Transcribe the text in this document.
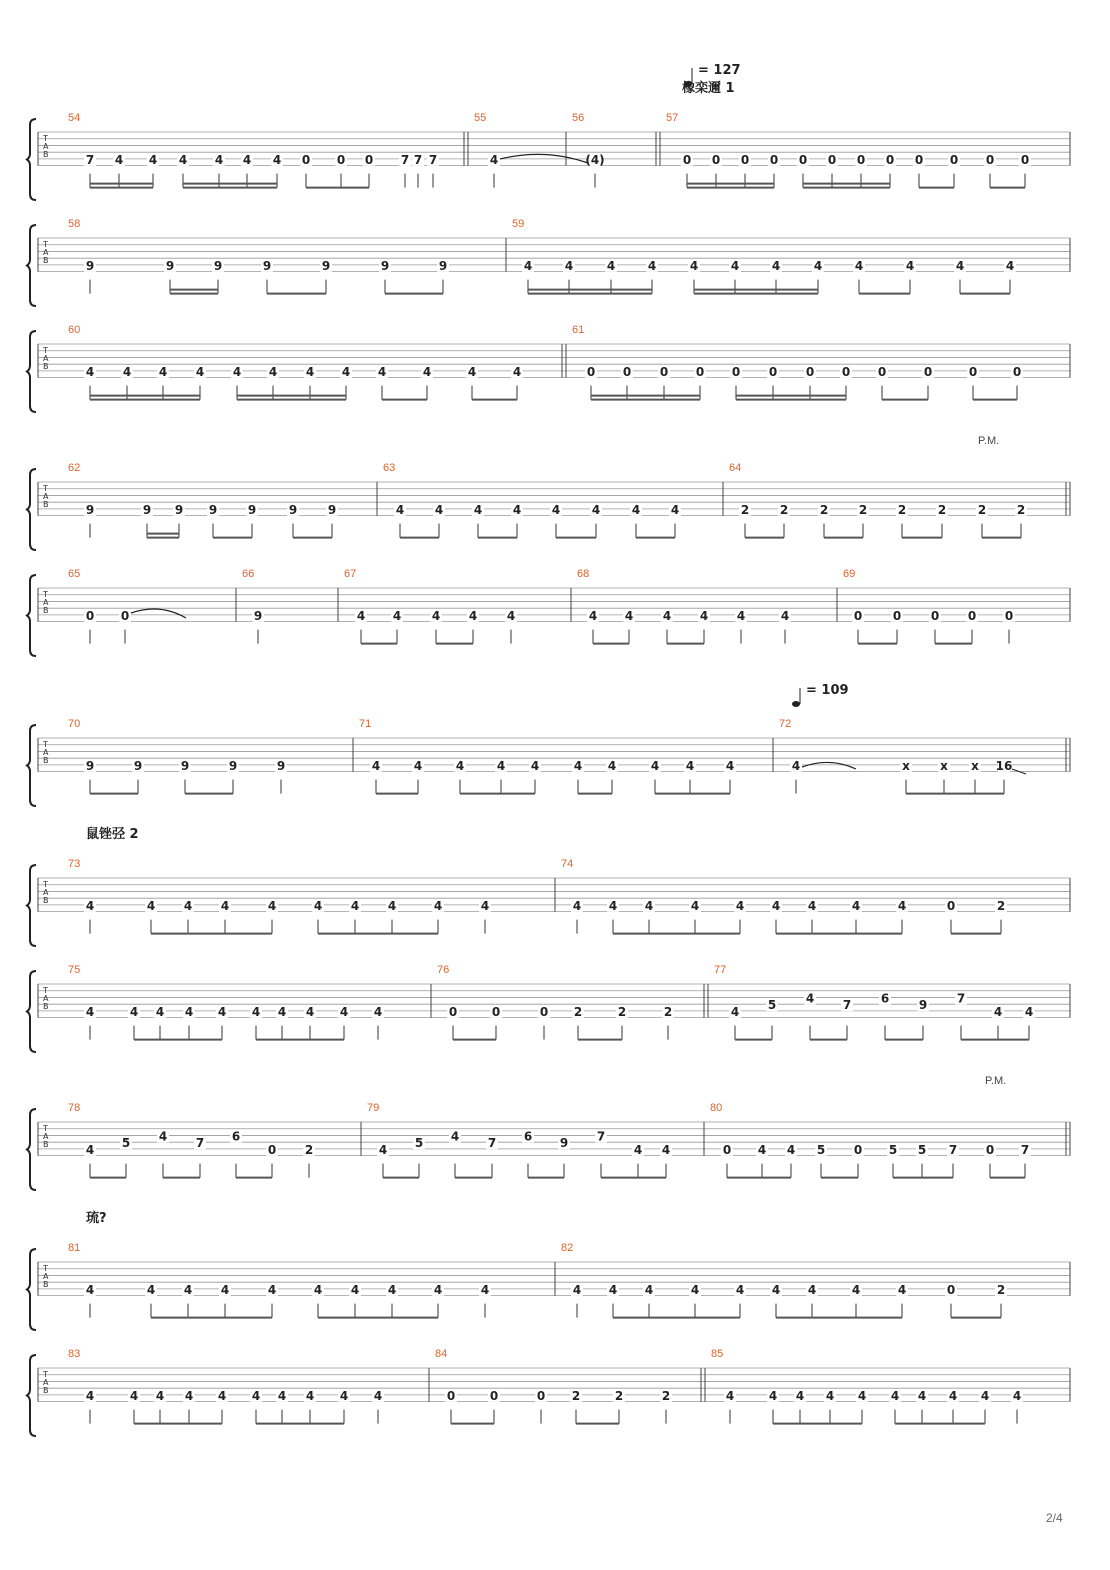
T
A
B
54
7 4 4 4 4 4 4 0 0 0 7 7
7
55
4
56
(4)
57
0 0 0 0 0 0 0 0 0 0 0 0
T
A
B
58
9	9	9	9	9	9	9
59
4	4	4	4	4	4	4	4	4	4	4	4
T
A
B
60
4 4 4 4 4 4 4 4 4	4	4	4
61
0 0 0 0 0 0 0 0 0	0	0	0
T
A
B
62
9	9 9 9	9	9	9
63
4	4	4	4	4	4	4	4
64
2	2	2	2	2	2	2	2
T
A
B
65
0 0
66
9
67
4 4	4 4 4
68
4 4 4 4 4	4
69
0	0 0 0 0
T
A
B
70
9	9	9	9	9
71
4	4	4	4 4	4 4	4 4	4
72
4	x	x x 16
T
A
B
73
4	4 4 4	4	4 4 4	4	4
74
4 4 4	4	4 4 4	4	4	0	2
T
A
B
75
4	4 4 4 4 4 4 4 4 4
76
0	0	0 2	2	2
77
4 5 4 7 6 9 7
4 4
T
A
B
78
4 5 4 7 6
0 2
79
4 5 4 7 6 9 7
4 4
80
0 4 4 5 0 5 5 7 0 7
T
A
B
81
4	4 4 4	4	4 4 4	4	4
82
4 4 4	4	4 4 4	4	4	0	2
T
A
B
83
4	4 4 4 4 4 4 4 4 4
84
0	0	0 2	2	2
85
4	4 4 4 4 4 4 4 4 4
= 127
= 109
橡栾邇 1
鼠锉弪 2
琉?
P.M.
P.M.
2/4
